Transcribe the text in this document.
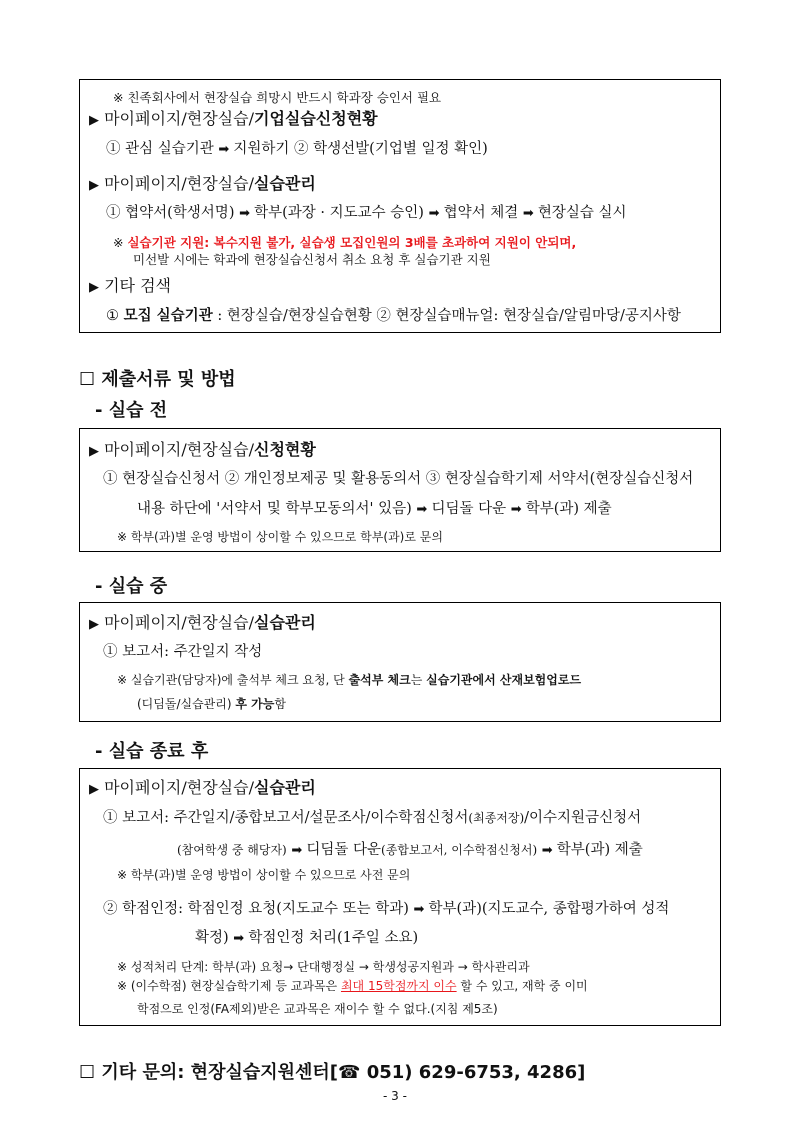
※ 친족회사에서 현장실습 희망시 반드시 학과장 승인서 필요
▶ 마이페이지/현장실습/기업실습신청현황
① 관심 실습기관 ➡ 지원하기 ② 학생선발(기업별 일정 확인)
▶ 마이페이지/현장실습/실습관리
① 협약서(학생서명) ➡ 학부(과장 · 지도교수 승인) ➡ 협약서 체결 ➡ 현장실습 실시
※ 실습기관 지원: 복수지원 불가, 실습생 모집인원의 3배를 초과하여 지원이 안되며,
미선발 시에는 학과에 현장실습신청서 취소 요청 후 실습기관 지원
▶ 기타 검색
① 모집 실습기관 : 현장실습/현장실습현황 ② 현장실습매뉴얼: 현장실습/알림마당/공지사항
☐ 제출서류 및 방법
- 실습 전
▶ 마이페이지/현장실습/신청현황
① 현장실습신청서 ② 개인정보제공 및 활용동의서 ③ 현장실습학기제 서약서(현장실습신청서
내용 하단에 '서약서 및 학부모동의서' 있음) ➡ 디딤돌 다운 ➡ 학부(과) 제출
※ 학부(과)별 운영 방법이 상이할 수 있으므로 학부(과)로 문의
- 실습 중
▶ 마이페이지/현장실습/실습관리
① 보고서: 주간일지 작성
※ 실습기관(담당자)에 출석부 체크 요청, 단 출석부 체크는 실습기관에서 산재보험업로드
(디딤돌/실습관리) 후 가능함
- 실습 종료 후
▶ 마이페이지/현장실습/실습관리
① 보고서: 주간일지/종합보고서/설문조사/이수학점신청서(최종저장)/이수지원금신청서
(참여학생 중 해당자) ➡ 디딤돌 다운(종합보고서, 이수학점신청서) ➡ 학부(과) 제출
※ 학부(과)별 운영 방법이 상이할 수 있으므로 사전 문의
② 학점인정: 학점인정 요청(지도교수 또는 학과) ➡ 학부(과)(지도교수, 종합평가하여 성적
확정) ➡ 학점인정 처리(1주일 소요)
※ 성적처리 단계: 학부(과) 요청→ 단대행정실 → 학생성공지원과 → 학사관리과
※ (이수학점) 현장실습학기제 등 교과목은 최대 15학점까지 이수 할 수 있고, 재학 중 이미
학점으로 인정(FA제외)받은 교과목은 재이수 할 수 없다.(지침 제5조)
☐ 기타 문의: 현장실습지원센터[☎ 051) 629-6753, 4286]
- 3 -
